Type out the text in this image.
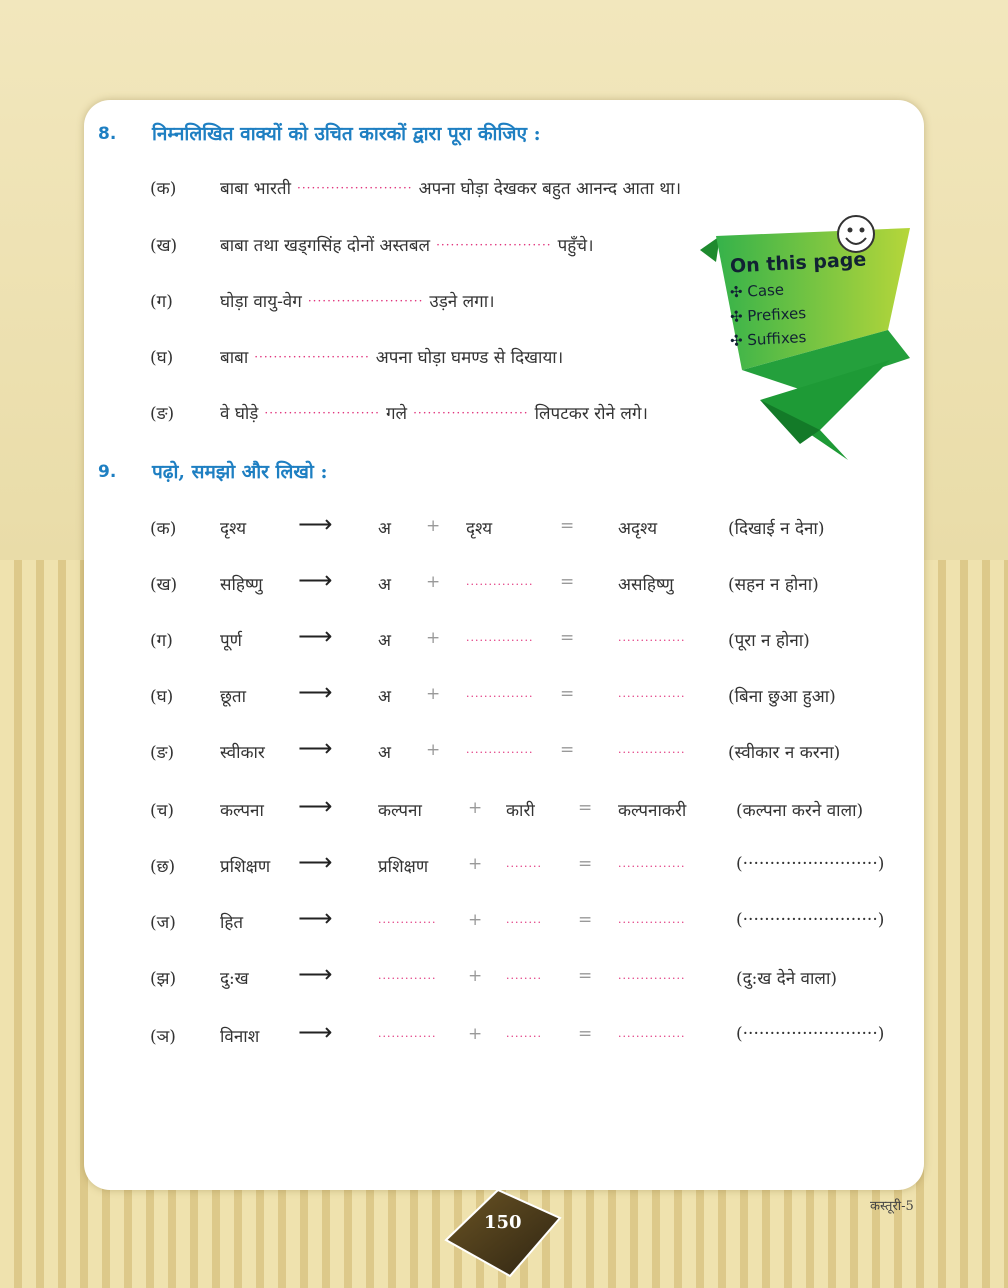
8. निम्नलिखित वाक्यों को उचित कारकों द्वारा पूरा कीजिए :
(क)	बाबा भारती ························ अपना घोड़ा देखकर बहुत आनन्द आता था।
(ख)	बाबा तथा खड्गसिंह दोनों अस्तबल ························ पहुँचे।
(ग)	घोड़ा वायु-वेग ························ उड़ने लगा।
(घ)	बाबा ························ अपना घोड़ा घमण्ड से दिखाया।
(ङ)	वे घोड़े ························ गले ························ लिपटकर रोने लगे।
On this page
✣ Case
✣ Prefixes
✣ Suffixes
9. पढ़ो, समझो और लिखो :
(क)	दृश्य ⟶	अ + दृश्य	=	अदृश्य	(दिखाई न देना)
(ख)	सहिष्णु ⟶	अ + ··············· =	असहिष्णु	(सहन न होना)
(ग)	पूर्ण ⟶	अ + ··············· =	···············	(पूरा न होना)
(घ)	छूता ⟶	अ + ··············· =	···············	(बिना छुआ हुआ)
(ङ)	स्वीकार ⟶	अ + ··············· =	···············	(स्वीकार न करना)
(च)	कल्पना ⟶	कल्पना	+ कारी	= कल्पनाकरी	(कल्पना करने वाला)
(छ)	प्रशिक्षण ⟶	प्रशिक्षण + ········ = ···············	(·························)
(ज)	हित ⟶	············· + ········ = ···············	(·························)
(झ)	दु:ख ⟶	············· + ········ = ···············	(दु:ख देने वाला)
(ञ)	विनाश ⟶	············· + ········ = ···············	(·························)
150
कस्तूरी-5
